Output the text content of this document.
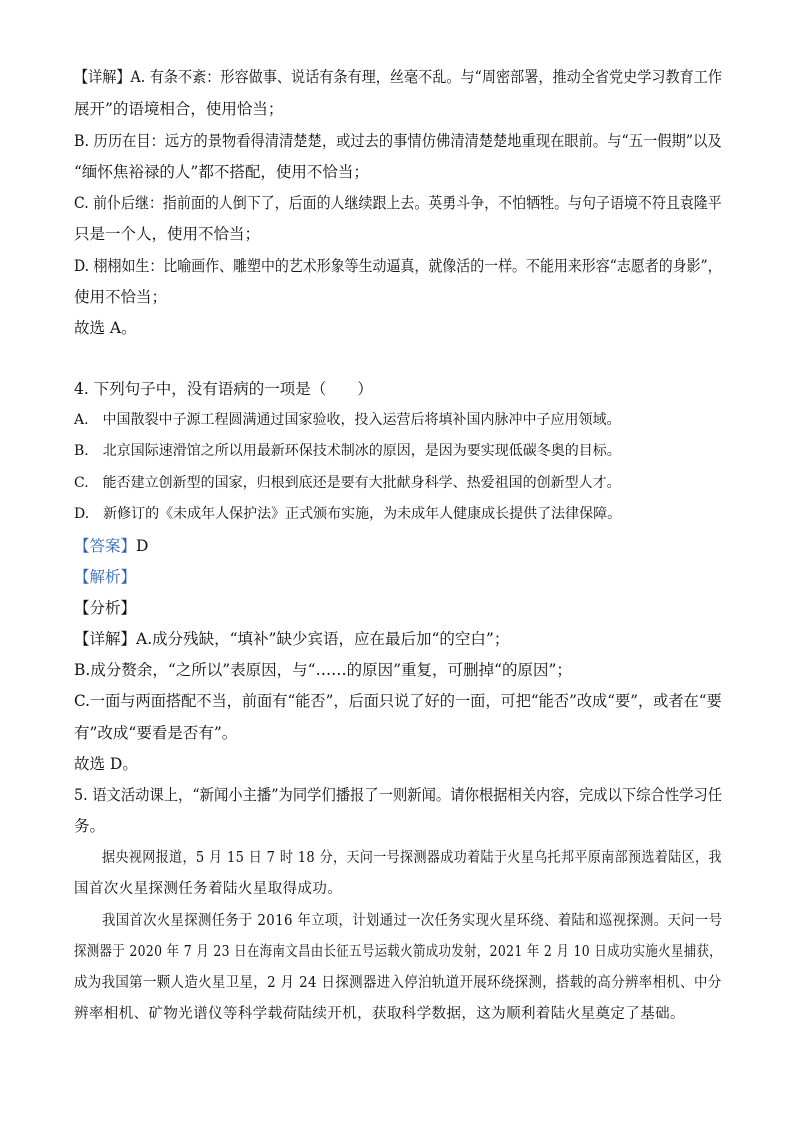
【详解】A. 有条不紊：形容做事、说话有条有理，丝毫不乱。与“周密部署，推动全省党史学习教育工作
展开”的语境相合，使用恰当；
B. 历历在目：远方的景物看得清清楚楚，或过去的事情仿佛清清楚楚地重现在眼前。与“五一假期”以及
“缅怀焦裕禄的人”都不搭配，使用不恰当；
C. 前仆后继：指前面的人倒下了，后面的人继续跟上去。英勇斗争，不怕牺牲。与句子语境不符且袁隆平
只是一个人，使用不恰当；
D. 栩栩如生：比喻画作、雕塑中的艺术形象等生动逼真，就像活的一样。不能用来形容“志愿者的身影”，
使用不恰当；
故选 A。
4. 下列句子中，没有语病的一项是（　　）
A.　中国散裂中子源工程圆满通过国家验收，投入运营后将填补国内脉冲中子应用领域。
B.　北京国际速滑馆之所以用最新环保技术制冰的原因，是因为要实现低碳冬奥的目标。
C.　能否建立创新型的国家，归根到底还是要有大批献身科学、热爱祖国的创新型人才。
D.　新修订的《未成年人保护法》正式颁布实施，为未成年人健康成长提供了法律保障。
【答案】D
【解析】
【分析】
【详解】A.成分残缺，“填补”缺少宾语，应在最后加“的空白”；
B.成分赘余，“之所以”表原因，与“……的原因”重复，可删掉“的原因”；
C.一面与两面搭配不当，前面有“能否”，后面只说了好的一面，可把“能否”改成“要”，或者在“要
有”改成“要看是否有”。
故选 D。
5. 语文活动课上，“新闻小主播”为同学们播报了一则新闻。请你根据相关内容，完成以下综合性学习任
务。
据央视网报道，5 月 15 日 7 时 18 分，天问一号探测器成功着陆于火星乌托邦平原南部预选着陆区，我
国首次火星探测任务着陆火星取得成功。
我国首次火星探测任务于 2016 年立项，计划通过一次任务实现火星环绕、着陆和巡视探测。天问一号
探测器于 2020 年 7 月 23 日在海南文昌由长征五号运载火箭成功发射，2021 年 2 月 10 日成功实施火星捕获，
成为我国第一颗人造火星卫星，2 月 24 日探测器进入停泊轨道开展环绕探测，搭载的高分辨率相机、中分
辨率相机、矿物光谱仪等科学载荷陆续开机，获取科学数据，这为顺利着陆火星奠定了基础。
